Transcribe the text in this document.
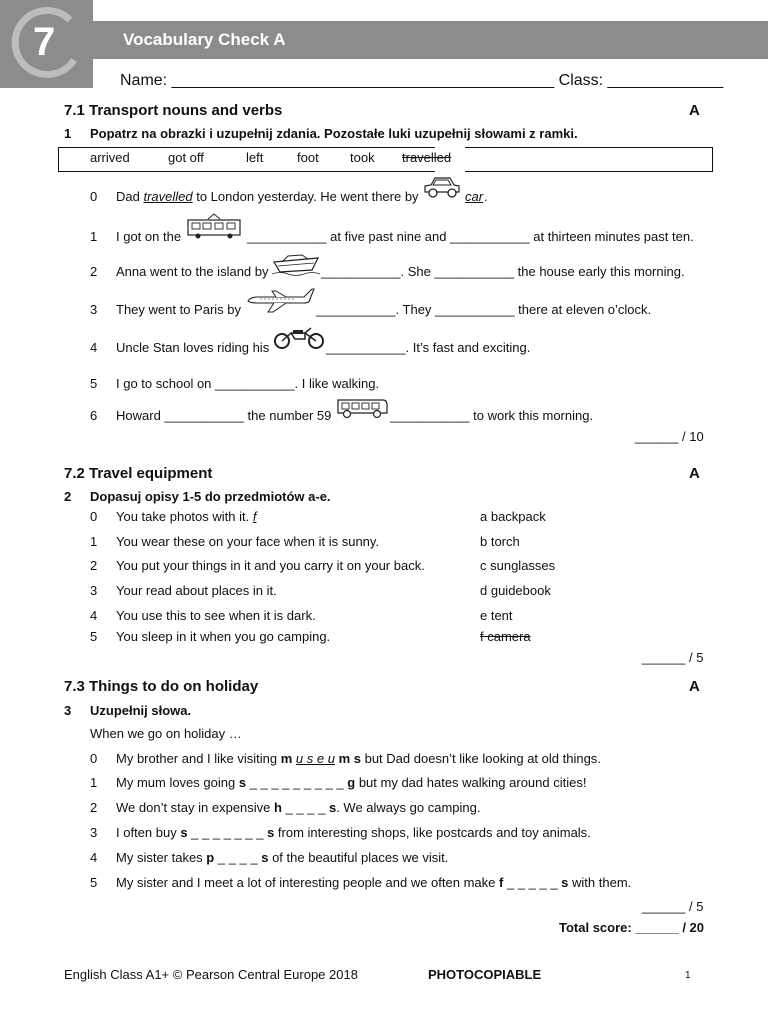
7	Vocabulary Check A
Name: ___________________________________________ Class: _____________
7.1 Transport nouns and verbs	A
1 Popatrz na obrazki i uzupełnij zdania. Pozostałe luki uzupełnij słowami z ramki.
arrived	got off	left	foot took travelled
0 Dad travelled to London yesterday. He went there by	car .
1 I got on the	___________ at five past nine and ___________ at thirteen minutes past ten.
2 Anna went to the island by	___________. She ___________ the house early this morning.
3 They went to Paris by	___________. They ___________ there at eleven o’clock.
4 Uncle Stan loves riding his	___________. It’s fast and exciting.
5 I go to school on ___________. I like walking.
6 Howard ___________ the number 59	___________ to work this morning.
______ / 10
7.2 Travel equipment	A
2 Dopasuj opisy 1-5 do przedmiotów a-e.
0 You take photos with it. f	a backpack
1 You wear these on your face when it is sunny.	b torch
2 You put your things in it and you carry it on your back.	c sunglasses
3 Your read about places in it.	d guidebook
4 You use this to see when it is dark.	e tent
5 You sleep in it when you go camping.	f camera
______ / 5
7.3 Things to do on holiday	A
3 Uzupełnij słowa.
When we go on holiday …
0 My brother and I like visiting m u s e u m s but Dad doesn’t like looking at old things.
1 My mum loves going s _ _ _ _ _ _ _ _ _ g but my dad hates walking around cities!
2 We don’t stay in expensive h _ _ _ _ s. We always go camping.
3 I often buy s _ _ _ _ _ _ _ s from interesting shops, like postcards and toy animals.
4 My sister takes p _ _ _ _ s of the beautiful places we visit.
5 My sister and I meet a lot of interesting people and we often make f _ _ _ _ _ s with them.
______ / 5
Total score: ______ / 20
English Class A1+ © Pearson Central Europe 2018	PHOTOCOPIABLE	1
